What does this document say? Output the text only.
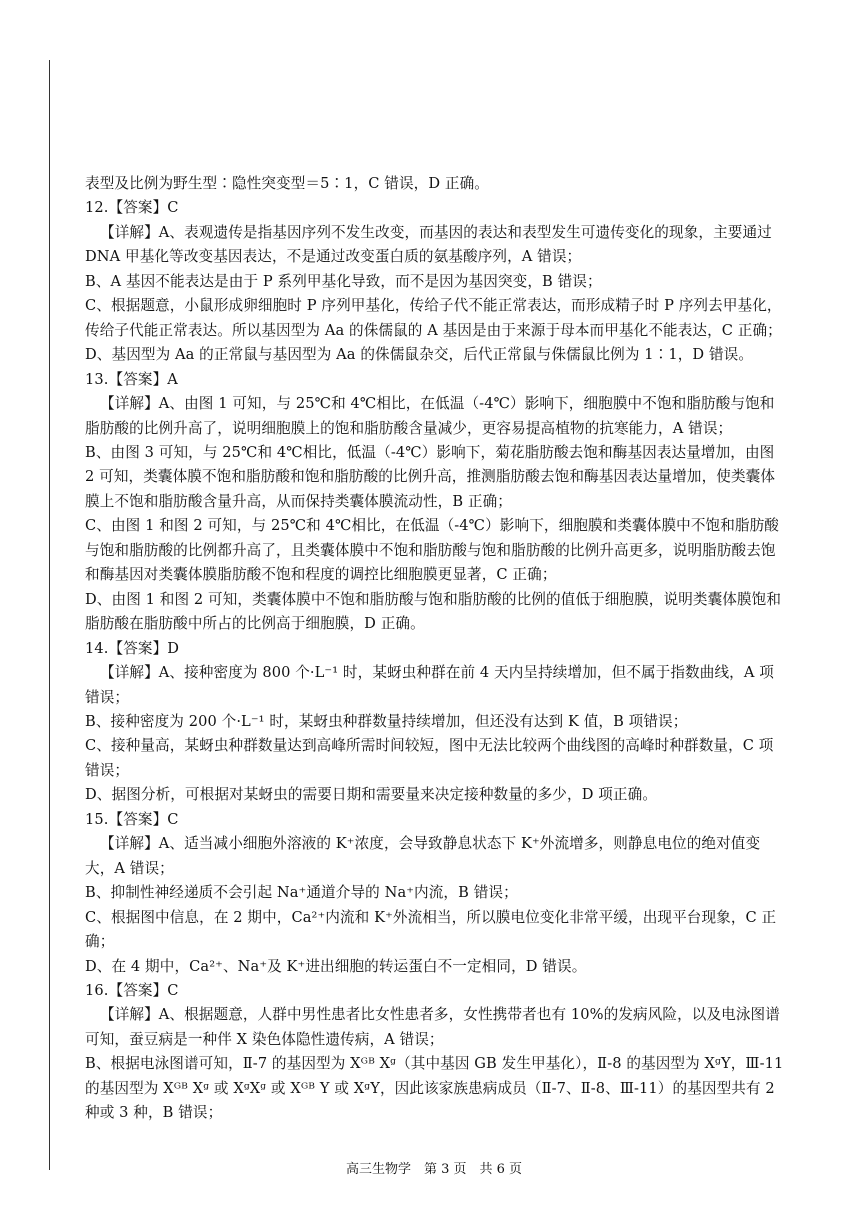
表型及比例为野生型∶隐性突变型＝5∶1，C 错误，D 正确。

12.【答案】C

【详解】A、表观遗传是指基因序列不发生改变，而基因的表达和表型发生可遗传变化的现象，主要通过 DNA 甲基化等改变基因表达，不是通过改变蛋白质的氨基酸序列，A 错误；

B、A 基因不能表达是由于 P 系列甲基化导致，而不是因为基因突变，B 错误；

C、根据题意，小鼠形成卵细胞时 P 序列甲基化，传给子代不能正常表达，而形成精子时 P 序列去甲基化，传给子代能正常表达。所以基因型为 Aa 的侏儒鼠的 A 基因是由于来源于母本而甲基化不能表达，C 正确；

D、基因型为 Aa 的正常鼠与基因型为 Aa 的侏儒鼠杂交，后代正常鼠与侏儒鼠比例为 1∶1，D 错误。

13.【答案】A

【详解】A、由图 1 可知，与 25℃和 4℃相比，在低温（-4℃）影响下，细胞膜中不饱和脂肪酸与饱和脂肪酸的比例升高了，说明细胞膜上的饱和脂肪酸含量减少，更容易提高植物的抗寒能力，A 错误；

B、由图 3 可知，与 25℃和 4℃相比，低温（-4℃）影响下，菊花脂肪酸去饱和酶基因表达量增加，由图 2 可知，类囊体膜不饱和脂肪酸和饱和脂肪酸的比例升高，推测脂肪酸去饱和酶基因表达量增加，使类囊体膜上不饱和脂肪酸含量升高，从而保持类囊体膜流动性，B 正确；

C、由图 1 和图 2 可知，与 25℃和 4℃相比，在低温（-4℃）影响下，细胞膜和类囊体膜中不饱和脂肪酸与饱和脂肪酸的比例都升高了，且类囊体膜中不饱和脂肪酸与饱和脂肪酸的比例升高更多，说明脂肪酸去饱和酶基因对类囊体膜脂肪酸不饱和程度的调控比细胞膜更显著，C 正确；

D、由图 1 和图 2 可知，类囊体膜中不饱和脂肪酸与饱和脂肪酸的比例的值低于细胞膜，说明类囊体膜饱和脂肪酸在脂肪酸中所占的比例高于细胞膜，D 正确。

14.【答案】D

【详解】A、接种密度为 800 个·L⁻¹ 时，某蚜虫种群在前 4 天内呈持续增加，但不属于指数曲线，A 项错误；

B、接种密度为 200 个·L⁻¹ 时，某蚜虫种群数量持续增加，但还没有达到 K 值，B 项错误；

C、接种量高，某蚜虫种群数量达到高峰所需时间较短，图中无法比较两个曲线图的高峰时种群数量，C 项错误；

D、据图分析，可根据对某蚜虫的需要日期和需要量来决定接种数量的多少，D 项正确。

15.【答案】C

【详解】A、适当减小细胞外溶液的 K⁺浓度，会导致静息状态下 K⁺外流增多，则静息电位的绝对值变大，A 错误；

B、抑制性神经递质不会引起 Na⁺通道介导的 Na⁺内流，B 错误；

C、根据图中信息，在 2 期中，Ca²⁺内流和 K⁺外流相当，所以膜电位变化非常平缓，出现平台现象，C 正确；

D、在 4 期中，Ca²⁺、Na⁺及 K⁺进出细胞的转运蛋白不一定相同，D 错误。

16.【答案】C

【详解】A、根据题意，人群中男性患者比女性患者多，女性携带者也有 10%的发病风险，以及电泳图谱可知，蚕豆病是一种伴 X 染色体隐性遗传病，A 错误；

B、根据电泳图谱可知，Ⅱ-7 的基因型为 Xᴳᴮ Xᵍ（其中基因 GB 发生甲基化），Ⅱ-8 的基因型为 XᵍY，Ⅲ-11 的基因型为 Xᴳᴮ Xᵍ 或 XᵍXᵍ 或 Xᴳᴮ Y 或 XᵍY，因此该家族患病成员（Ⅱ-7、Ⅱ-8、Ⅲ-11）的基因型共有 2 种或 3 种，B 错误；

高三生物学　第 3 页　共 6 页
